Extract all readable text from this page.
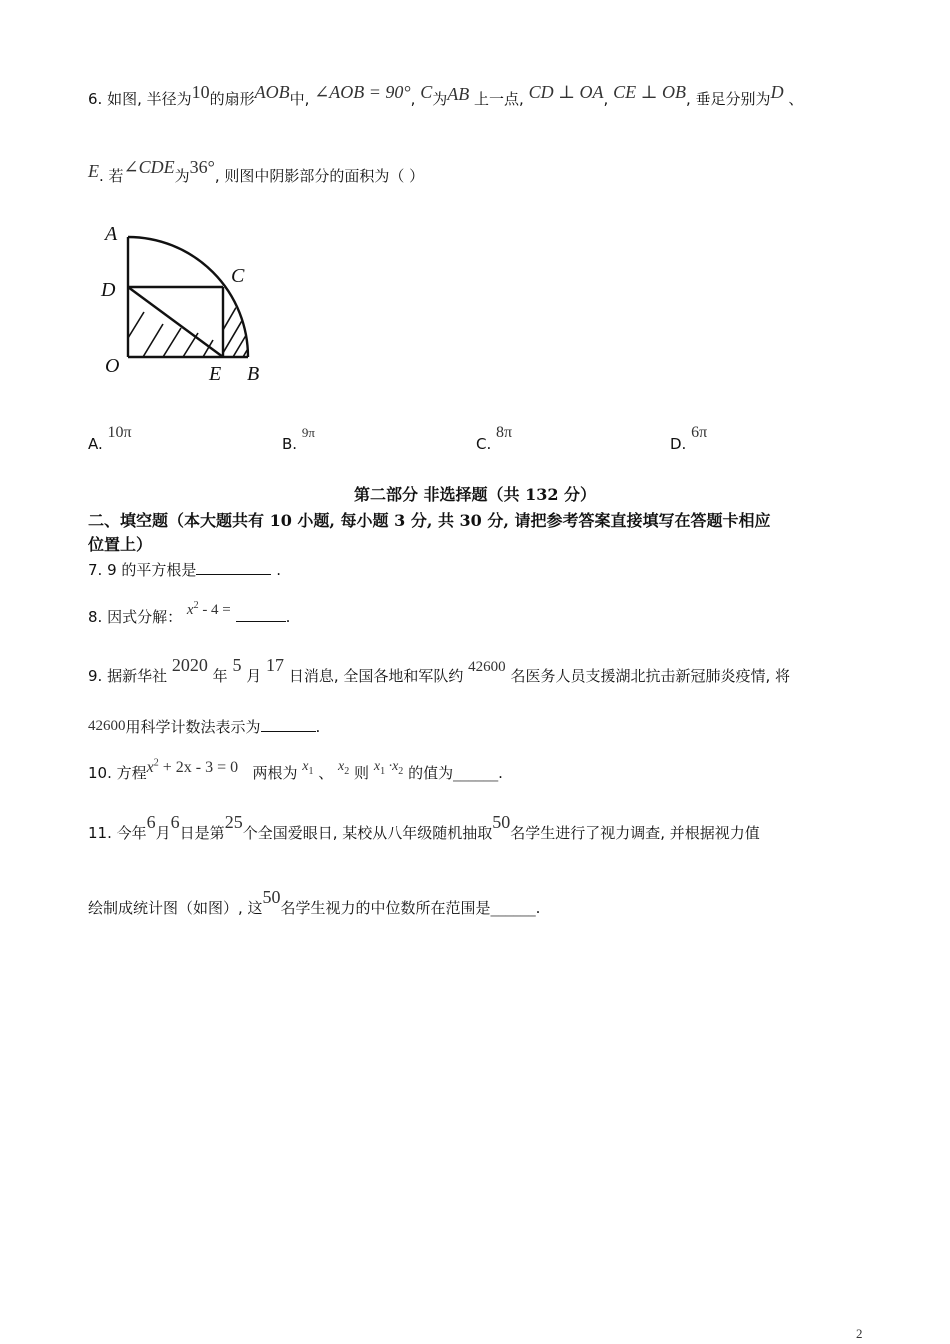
6. 如图, 半径为10的扇形AOB中, ∠AOB = 90°, C为AB 上一点, CD ⊥ OA, CE ⊥ OB, 垂足分别为D 、
E. 若∠CDE为36°, 则图中阴影部分的面积为（ ）
A
D
C
O	E B
A. 10π
B. 9π
C. 8π
D. 6π
第二部分 非选择题（共 132 分）
二、填空题（本大题共有 10 小题, 每小题 3 分, 共 30 分, 请把参考答案直接填写在答题卡相应
位置上）
7. 9 的平方根是	.
8. 因式分解： $x^2 - 4$ =	.
9. 据新华社 2020 年 5 月 17 日消息, 全国各地和军队约 42600 名医务人员支援湖北抗击新冠肺炎疫情, 将
42600用科学计数法表示为	.
10. 方程$x^2 + 2x - 3 = 0$ 两根为 $x_1$ 、 $x_2$ 则 $x_1 \cdot x_2$ 的值为______.
11. 今年6月6日是第25个全国爱眼日, 某校从八年级随机抽取50名学生进行了视力调查, 并根据视力值
绘制成统计图（如图）, 这50名学生视力的中位数所在范围是______.
2
